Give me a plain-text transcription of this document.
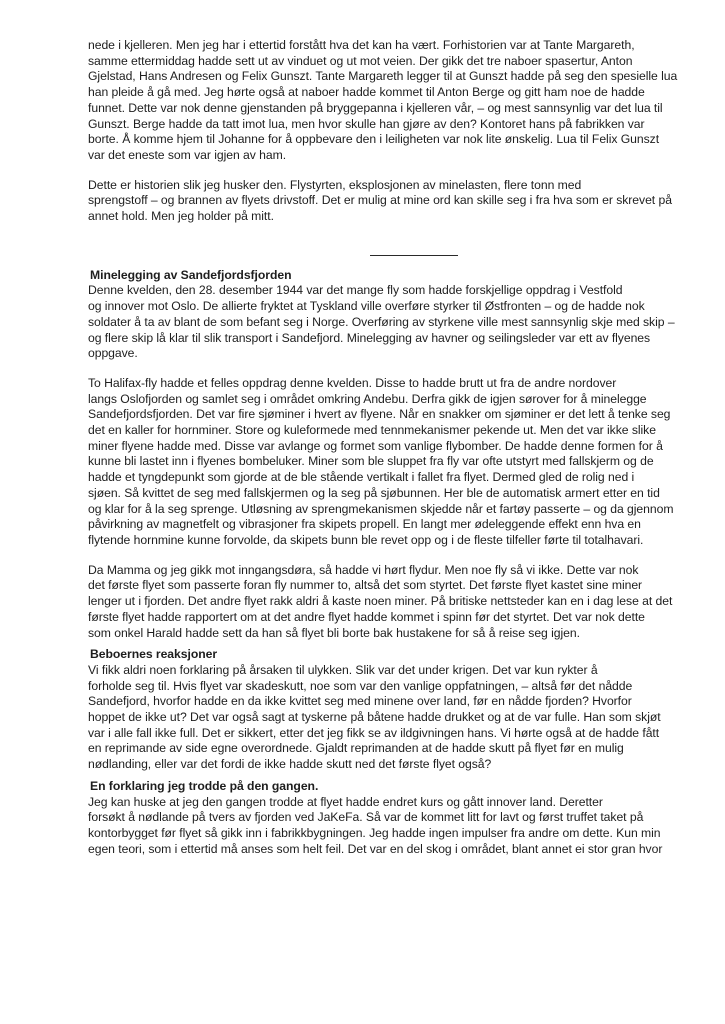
nede i kjelleren. Men jeg har i ettertid forstått hva det kan ha vært. Forhistorien var at Tante Margareth,
samme ettermiddag hadde sett ut av vinduet og ut mot veien. Der gikk det tre naboer spasertur, Anton
Gjelstad, Hans Andresen og Felix Gunszt. Tante Margareth legger til at Gunszt hadde på seg den spesielle lua
han pleide å gå med. Jeg hørte også at naboer hadde kommet til Anton Berge og gitt ham noe de hadde
funnet. Dette var nok denne gjenstanden på bryggepanna i kjelleren vår, – og mest sannsynlig var det lua til
Gunszt. Berge hadde da tatt imot lua, men hvor skulle han gjøre av den? Kontoret hans på fabrikken var
borte. Å komme hjem til Johanne for å oppbevare den i leiligheten var nok lite ønskelig. Lua til Felix Gunszt
var det eneste som var igjen av ham.

Dette er historien slik jeg husker den. Flystyrten, eksplosjonen av minelasten, flere tonn med
sprengstoff – og brannen av flyets drivstoff. Det er mulig at mine ord kan skille seg i fra hva som er skrevet på
annet hold. Men jeg holder på mitt.

Minelegging av Sandefjordsfjorden

Denne kvelden, den 28. desember 1944 var det mange fly som hadde forskjellige oppdrag i Vestfold
og innover mot Oslo. De allierte fryktet at Tyskland ville overføre styrker til Østfronten – og de hadde nok
soldater å ta av blant de som befant seg i Norge. Overføring av styrkene ville mest sannsynlig skje med skip –
og flere skip lå klar til slik transport i Sandefjord. Minelegging av havner og seilingsleder var ett av flyenes
oppgave.

To Halifax-fly hadde et felles oppdrag denne kvelden. Disse to hadde brutt ut fra de andre nordover
langs Oslofjorden og samlet seg i området omkring Andebu. Derfra gikk de igjen sørover for å minelegge
Sandefjordsfjorden. Det var fire sjøminer i hvert av flyene. Når en snakker om sjøminer er det lett å tenke seg
det en kaller for hornminer. Store og kuleformede med tennmekanismer pekende ut. Men det var ikke slike
miner flyene hadde med. Disse var avlange og formet som vanlige flybomber. De hadde denne formen for å
kunne bli lastet inn i flyenes bombeluker. Miner som ble sluppet fra fly var ofte utstyrt med fallskjerm og de
hadde et tyngdepunkt som gjorde at de ble stående vertikalt i fallet fra flyet. Dermed gled de rolig ned i
sjøen. Så kvittet de seg med fallskjermen og la seg på sjøbunnen. Her ble de automatisk armert etter en tid
og klar for å la seg sprenge. Utløsning av sprengmekanismen skjedde når et fartøy passerte – og da gjennom
påvirkning av magnetfelt og vibrasjoner fra skipets propell. En langt mer ødeleggende effekt enn hva en
flytende hornmine kunne forvolde, da skipets bunn ble revet opp og i de fleste tilfeller førte til totalhavari.

Da Mamma og jeg gikk mot inngangsdøra, så hadde vi hørt flydur. Men noe fly så vi ikke. Dette var nok
det første flyet som passerte foran fly nummer to, altså det som styrtet. Det første flyet kastet sine miner
lenger ut i fjorden. Det andre flyet rakk aldri å kaste noen miner. På britiske nettsteder kan en i dag lese at det
første flyet hadde rapportert om at det andre flyet hadde kommet i spinn før det styrtet. Det var nok dette
som onkel Harald hadde sett da han så flyet bli borte bak hustakene for så å reise seg igjen.

Beboernes reaksjoner

Vi fikk aldri noen forklaring på årsaken til ulykken. Slik var det under krigen. Det var kun rykter å
forholde seg til. Hvis flyet var skadeskutt, noe som var den vanlige oppfatningen, – altså før det nådde
Sandefjord, hvorfor hadde en da ikke kvittet seg med minene over land, før en nådde fjorden? Hvorfor
hoppet de ikke ut? Det var også sagt at tyskerne på båtene hadde drukket og at de var fulle. Han som skjøt
var i alle fall ikke full. Det er sikkert, etter det jeg fikk se av ildgivningen hans. Vi hørte også at de hadde fått
en reprimande av side egne overordnede. Gjaldt reprimanden at de hadde skutt på flyet før en mulig
nødlanding, eller var det fordi de ikke hadde skutt ned det første flyet også?

En forklaring jeg trodde på den gangen.

Jeg kan huske at jeg den gangen trodde at flyet hadde endret kurs og gått innover land. Deretter
forsøkt å nødlande på tvers av fjorden ved JaKeFa. Så var de kommet litt for lavt og først truffet taket på
kontorbygget før flyet så gikk inn i fabrikkbygningen. Jeg hadde ingen impulser fra andre om dette. Kun min
egen teori, som i ettertid må anses som helt feil. Det var en del skog i området, blant annet ei stor gran hvor
